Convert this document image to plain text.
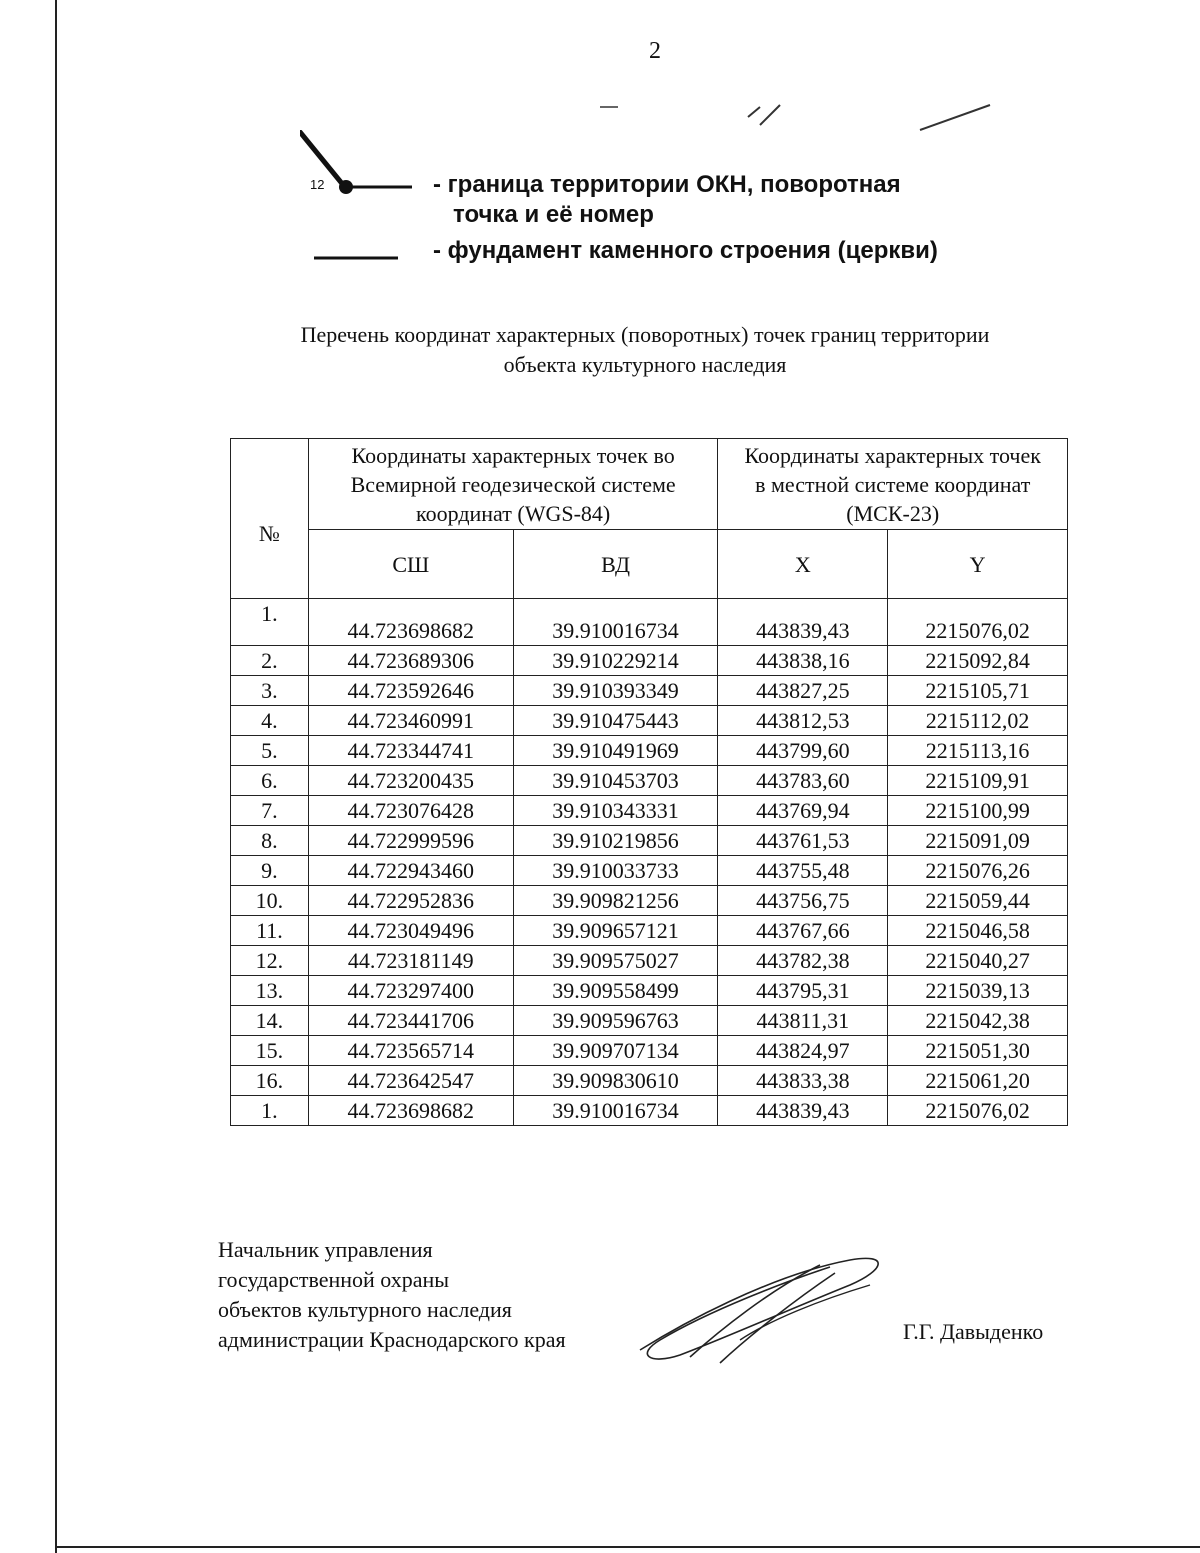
2
12	- граница территории ОКН, поворотная
точка и её номер
- фундамент каменного строения (церкви)
Перечень координат характерных (поворотных) точек границ территории
объекта культурного наследия
№	Координаты характерных точек во Всемирной геодезической системе координат (WGS-84)		Координаты характерных точек в местной системе координат (МСК-23)	
	СШ	ВД	X	Y
1.	44.723698682	39.910016734	443839,43	2215076,02
2.	44.723689306	39.910229214	443838,16	2215092,84
3.	44.723592646	39.910393349	443827,25	2215105,71
4.	44.723460991	39.910475443	443812,53	2215112,02
5.	44.723344741	39.910491969	443799,60	2215113,16
6.	44.723200435	39.910453703	443783,60	2215109,91
7.	44.723076428	39.910343331	443769,94	2215100,99
8.	44.722999596	39.910219856	443761,53	2215091,09
9.	44.722943460	39.910033733	443755,48	2215076,26
10.	44.722952836	39.909821256	443756,75	2215059,44
11.	44.723049496	39.909657121	443767,66	2215046,58
12.	44.723181149	39.909575027	443782,38	2215040,27
13.	44.723297400	39.909558499	443795,31	2215039,13
14.	44.723441706	39.909596763	443811,31	2215042,38
15.	44.723565714	39.909707134	443824,97	2215051,30
16.	44.723642547	39.909830610	443833,38	2215061,20
1.	44.723698682	39.910016734	443839,43	2215076,02
Начальник управления
государственной охраны
объектов культурного наследия
администрации Краснодарского края	Г.Г. Давыденко
